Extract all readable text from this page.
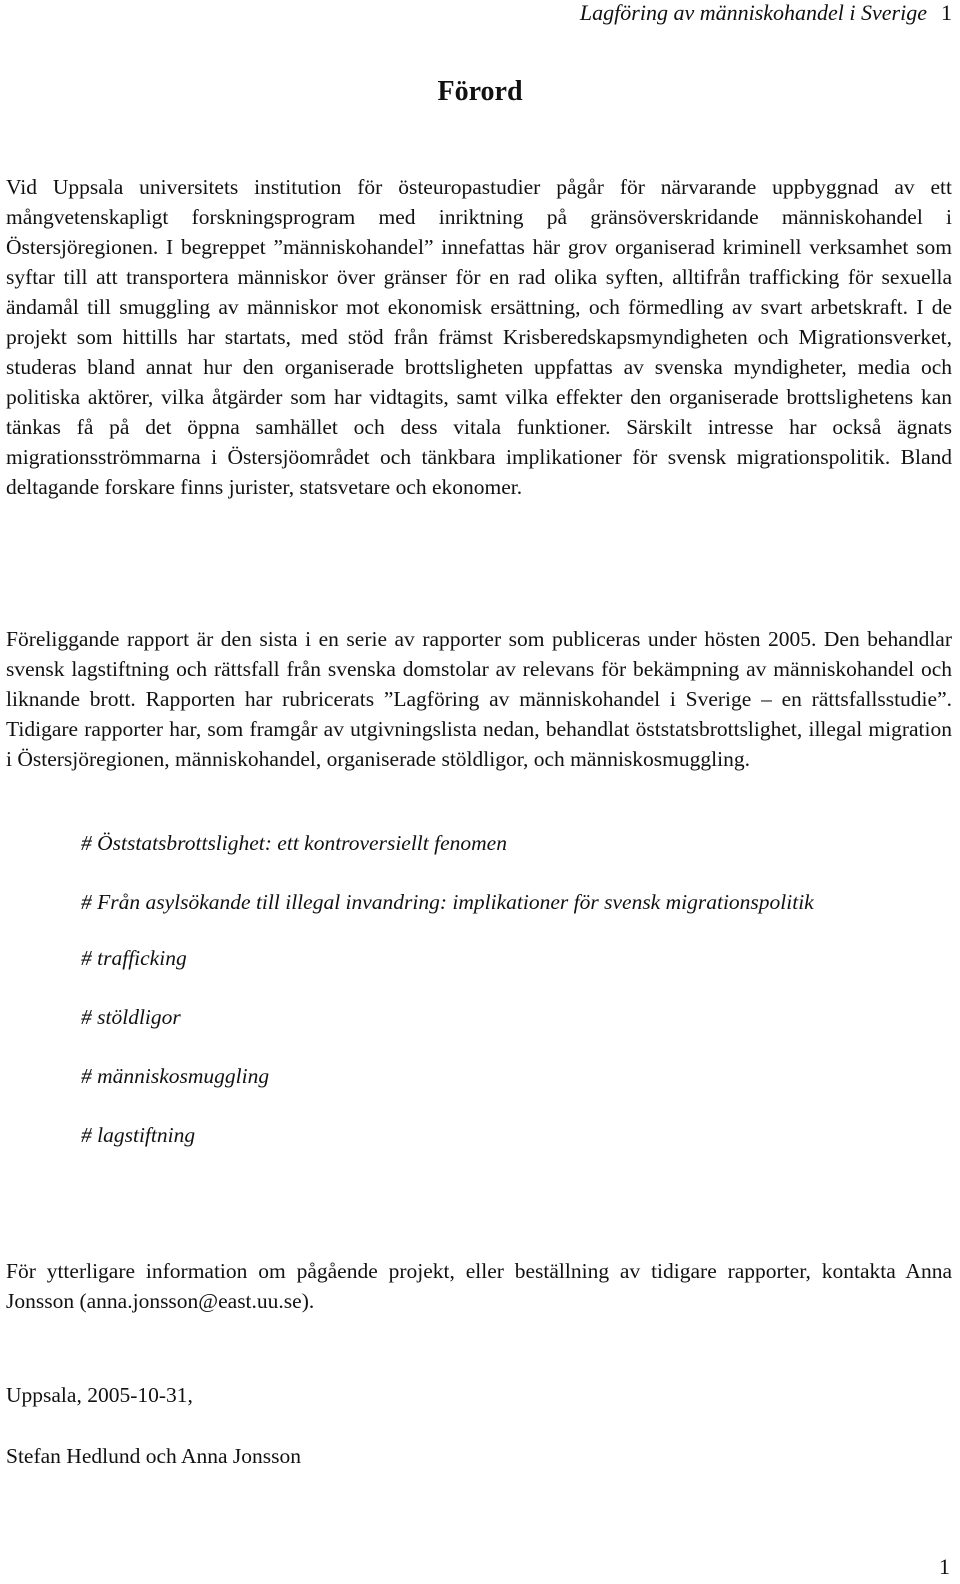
Lagföring av människohandel i Sverige 1
Förord

Vid Uppsala universitets institution för östeuropastudier pågår för närvarande uppbyggnad av ett mångvetenskapligt forskningsprogram med inriktning på gränsöverskridande människohandel i Östersjöregionen. I begreppet ”människohandel” innefattas här grov organiserad kriminell verksamhet som syftar till att transportera människor över gränser för en rad olika syften, alltifrån trafficking för sexuella ändamål till smuggling av människor mot ekonomisk ersättning, och förmedling av svart arbetskraft. I de projekt som hittills har startats, med stöd från främst Krisberedskapsmyndigheten och Migrationsverket, studeras bland annat hur den organiserade brottsligheten uppfattas av svenska myndigheter, media och politiska aktörer, vilka åtgärder som har vidtagits, samt vilka effekter den organiserade brottslighetens kan tänkas få på det öppna samhället och dess vitala funktioner. Särskilt intresse har också ägnats migrationsströmmarna i Östersjöområdet och tänkbara implikationer för svensk migrationspolitik. Bland deltagande forskare finns jurister, statsvetare och ekonomer.

Föreliggande rapport är den sista i en serie av rapporter som publiceras under hösten 2005. Den behandlar svensk lagstiftning och rättsfall från svenska domstolar av relevans för bekämpning av människohandel och liknande brott. Rapporten har rubricerats ”Lagföring av människohandel i Sverige – en rättsfallsstudie”. Tidigare rapporter har, som framgår av utgivningslista nedan, behandlat öststatsbrottslighet, illegal migration i Östersjöregionen, människohandel, organiserade stöldligor, och människosmuggling.

# Öststatsbrottslighet: ett kontroversiellt fenomen
# Från asylsökande till illegal invandring: implikationer för svensk migrationspolitik
# trafficking
# stöldligor
# människosmuggling
# lagstiftning

För ytterligare information om pågående projekt, eller beställning av tidigare rapporter, kontakta Anna Jonsson (anna.jonsson@east.uu.se).

Uppsala, 2005-10-31,

Stefan Hedlund och Anna Jonsson

1
